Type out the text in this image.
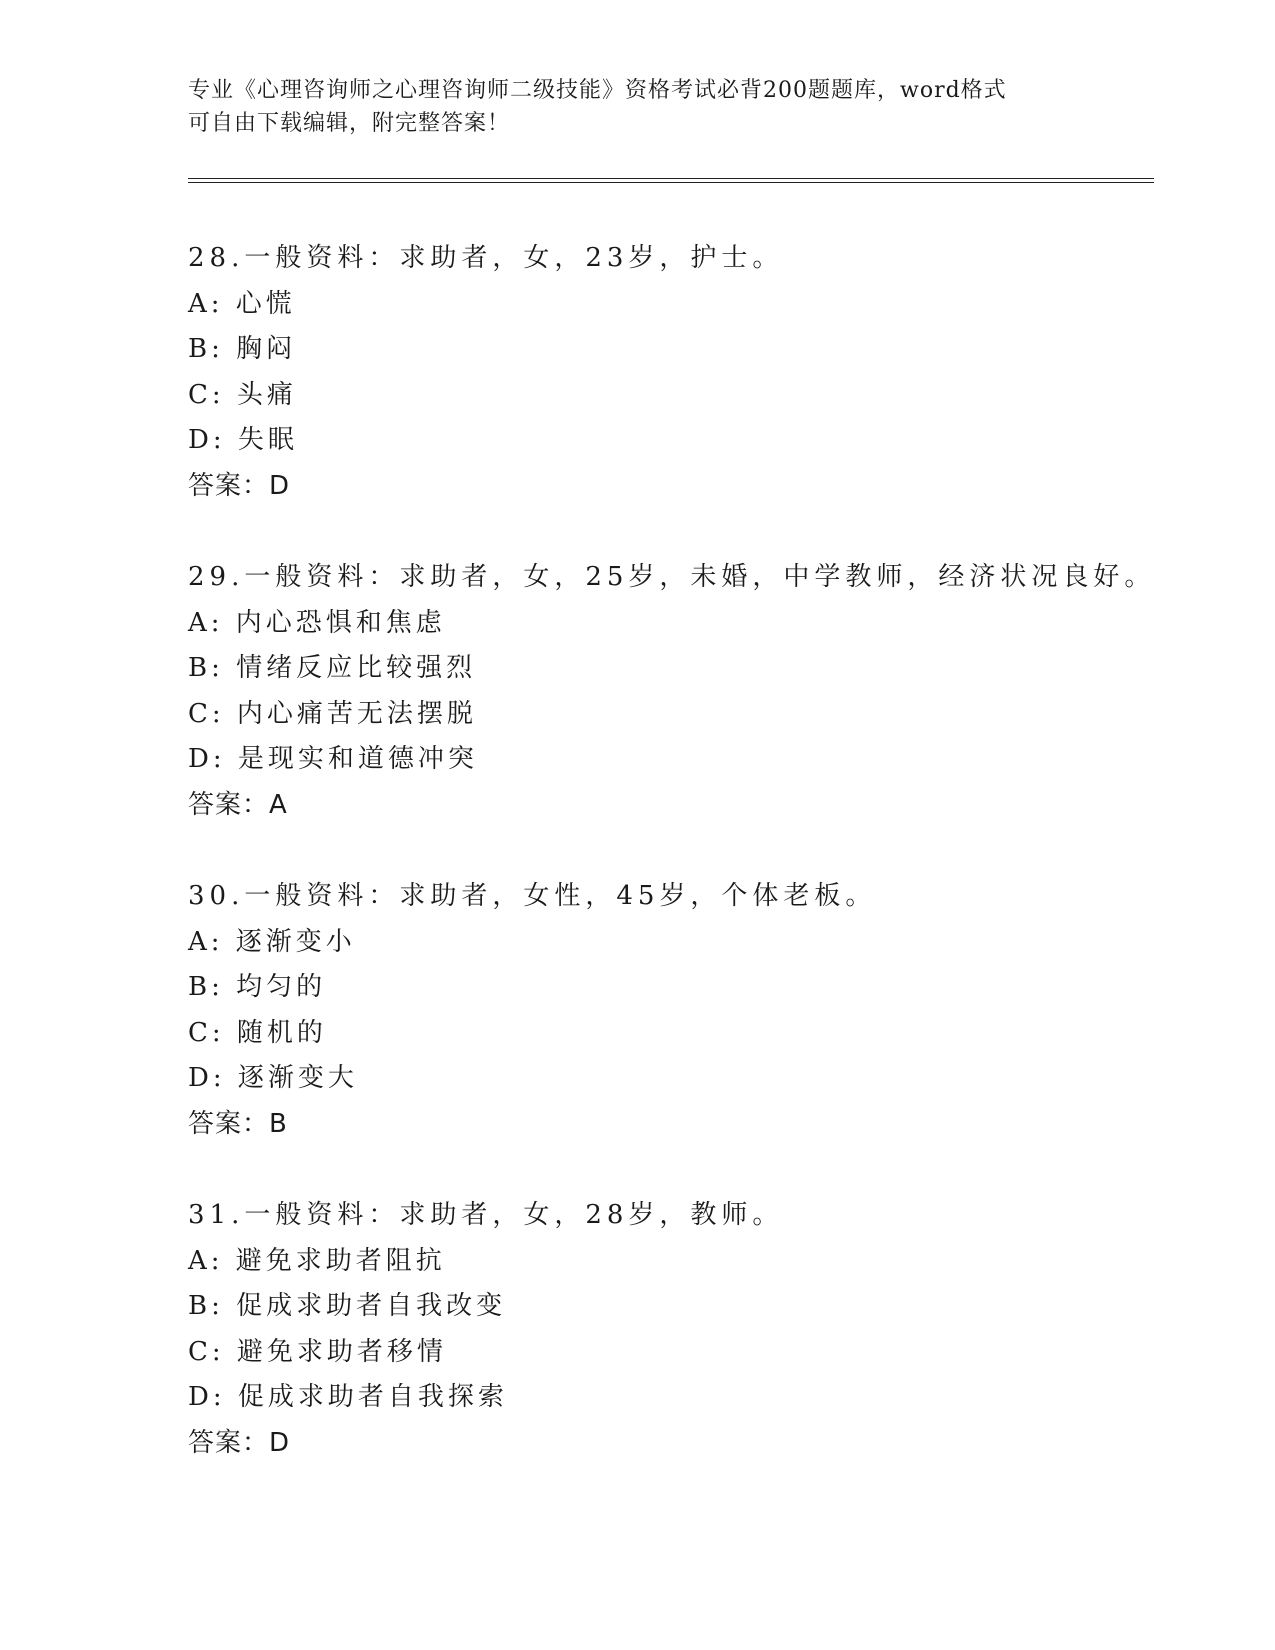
专业《心理咨询师之心理咨询师二级技能》资格考试必背200题题库，word格式
可自由下载编辑，附完整答案！
28.一般资料：求助者，女，23岁，护士。
A: 心慌
B: 胸闷
C: 头痛
D: 失眠
答案：D
29.一般资料：求助者，女，25岁，未婚，中学教师，经济状况良好。
A: 内心恐惧和焦虑
B: 情绪反应比较强烈
C: 内心痛苦无法摆脱
D: 是现实和道德冲突
答案：A
30.一般资料：求助者，女性，45岁，个体老板。
A: 逐渐变小
B: 均匀的
C: 随机的
D: 逐渐变大
答案：B
31.一般资料：求助者，女，28岁，教师。
A: 避免求助者阻抗
B: 促成求助者自我改变
C: 避免求助者移情
D: 促成求助者自我探索
答案：D
